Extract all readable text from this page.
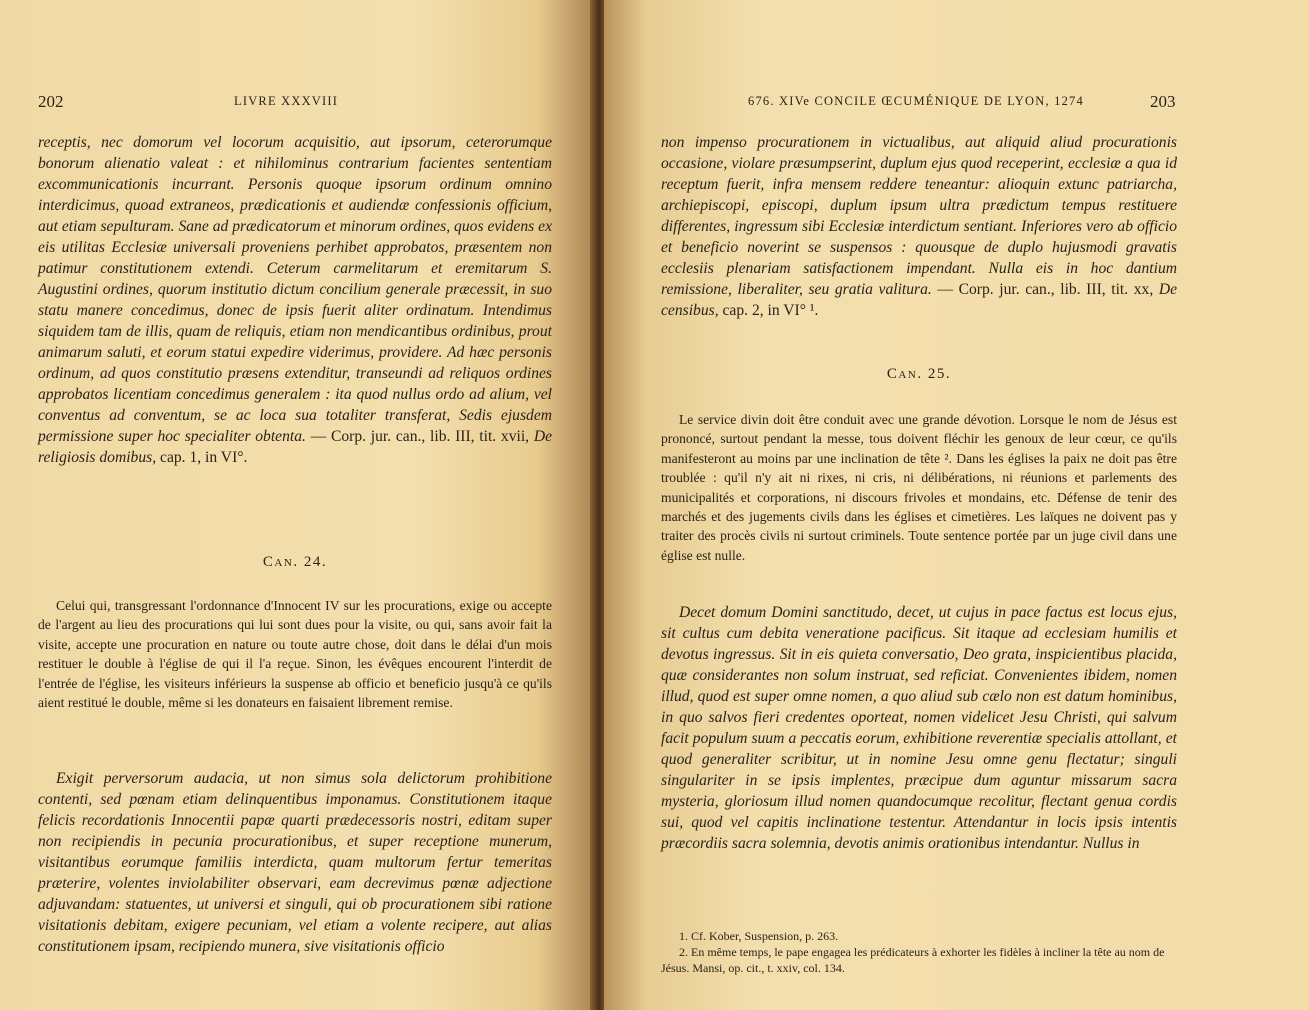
202	LIVRE XXXVIII

receptis, nec domorum vel locorum acquisitio, aut ipsorum, ceterorumque bonorum alienatio valeat : et nihilominus contrarium facientes sententiam excommunicationis incurrant. Personis quoque ipsorum ordinum omnino interdicimus, quoad extraneos, prædicationis et audiendæ confessionis officium, aut etiam sepulturam. Sane ad prædicatorum et minorum ordines, quos evidens ex eis utilitas Ecclesiæ universali proveniens perhibet approbatos, præsentem non patimur constitutionem extendi. Ceterum carmelitarum et eremitarum S. Augustini ordines, quorum institutio dictum concilium generale præcessit, in suo statu manere concedimus, donec de ipsis fuerit aliter ordinatum. Intendimus siquidem tam de illis, quam de reliquis, etiam non mendicantibus ordinibus, prout animarum saluti, et eorum statui expedire viderimus, providere. Ad hæc personis ordinum, ad quos constitutio præsens extenditur, transeundi ad reliquos ordines approbatos licentiam concedimus generalem : ita quod nullus ordo ad alium, vel conventus ad conventum, se ac loca sua totaliter transferat, Sedis ejusdem permissione super hoc specialiter obtenta. — Corp. jur. can., lib. III, tit. xvii, De religiosis domibus, cap. 1, in VI°.

Can. 24.
Celui qui, transgressant l'ordonnance d'Innocent IV sur les procurations, exige ou accepte de l'argent au lieu des procurations qui lui sont dues pour la visite, ou qui, sans avoir fait la visite, accepte une procuration en nature ou toute autre chose, doit dans le délai d'un mois restituer le double à l'église de qui il l'a reçue. Sinon, les évêques encourent l'interdit de l'entrée de l'église, les visiteurs inférieurs la suspense ab officio et beneficio jusqu'à ce qu'ils aient restitué le double, même si les donateurs en faisaient librement remise.
Exigit perversorum audacia, ut non simus sola delictorum prohibitione contenti, sed pœnam etiam delinquentibus imponamus. Constitutionem itaque felicis recordationis Innocentii papæ quarti prædecessoris nostri, editam super non recipiendis in pecunia procurationibus, et super receptione munerum, visitantibus eorumque familiis interdicta, quam multorum fertur temeritas præterire, volentes inviolabiliter observari, eam decrevimus pœnæ adjectione adjuvandam: statuentes, ut universi et singuli, qui ob procurationem sibi ratione visitationis debitam, exigere pecuniam, vel etiam a volente recipere, aut alias constitutionem ipsam, recipiendo munera, sive visitationis officio
676. XIVe CONCILE ŒCUMÉNIQUE DE LYON, 1274	203

non impenso procurationem in victualibus, aut aliquid aliud procurationis occasione, violare præsumpserint, duplum ejus quod receperint, ecclesiæ a qua id receptum fuerit, infra mensem reddere teneantur: alioquin extunc patriarcha, archiepiscopi, episcopi, duplum ipsum ultra prædictum tempus restituere differentes, ingressum sibi Ecclesiæ interdictum sentiant. Inferiores vero ab officio et beneficio noverint se suspensos : quousque de duplo hujusmodi gravatis ecclesiis plenariam satisfactionem impendant. Nulla eis in hoc dantium remissione, liberaliter, seu gratia valitura. — Corp. jur. can., lib. III, tit. xx, De censibus, cap. 2, in VI° ¹.

Can. 25.
Le service divin doit être conduit avec une grande dévotion. Lorsque le nom de Jésus est prononcé, surtout pendant la messe, tous doivent fléchir les genoux de leur cœur, ce qu'ils manifesteront au moins par une inclination de tête ². Dans les églises la paix ne doit pas être troublée : qu'il n'y ait ni rixes, ni cris, ni délibérations, ni réunions et parlements des municipalités et corporations, ni discours frivoles et mondains, etc. Défense de tenir des marchés et des jugements civils dans les églises et cimetières. Les laïques ne doivent pas y traiter des procès civils ni surtout criminels. Toute sentence portée par un juge civil dans une église est nulle.
Decet domum Domini sanctitudo, decet, ut cujus in pace factus est locus ejus, sit cultus cum debita veneratione pacificus. Sit itaque ad ecclesiam humilis et devotus ingressus. Sit in eis quieta conversatio, Deo grata, inspicientibus placida, quæ considerantes non solum instruat, sed reficiat. Convenientes ibidem, nomen illud, quod est super omne nomen, a quo aliud sub cælo non est datum hominibus, in quo salvos fieri credentes oporteat, nomen videlicet Jesu Christi, qui salvum facit populum suum a peccatis eorum, exhibitione reverentiæ specialis attollant, et quod generaliter scribitur, ut in nomine Jesu omne genu flectatur; singuli singulariter in se ipsis implentes, præcipue dum aguntur missarum sacra mysteria, gloriosum illud nomen quandocumque recolitur, flectant genua cordis sui, quod vel capitis inclinatione testentur. Attendantur in locis ipsis intentis præcordiis sacra solemnia, devotis animis orationibus intendantur. Nullus in

1. Cf. Kober, Suspension, p. 263.

2. En même temps, le pape engagea les prédicateurs à exhorter les fidèles à incliner la tête au nom de Jésus. Mansi, op. cit., t. xxiv, col. 134.
